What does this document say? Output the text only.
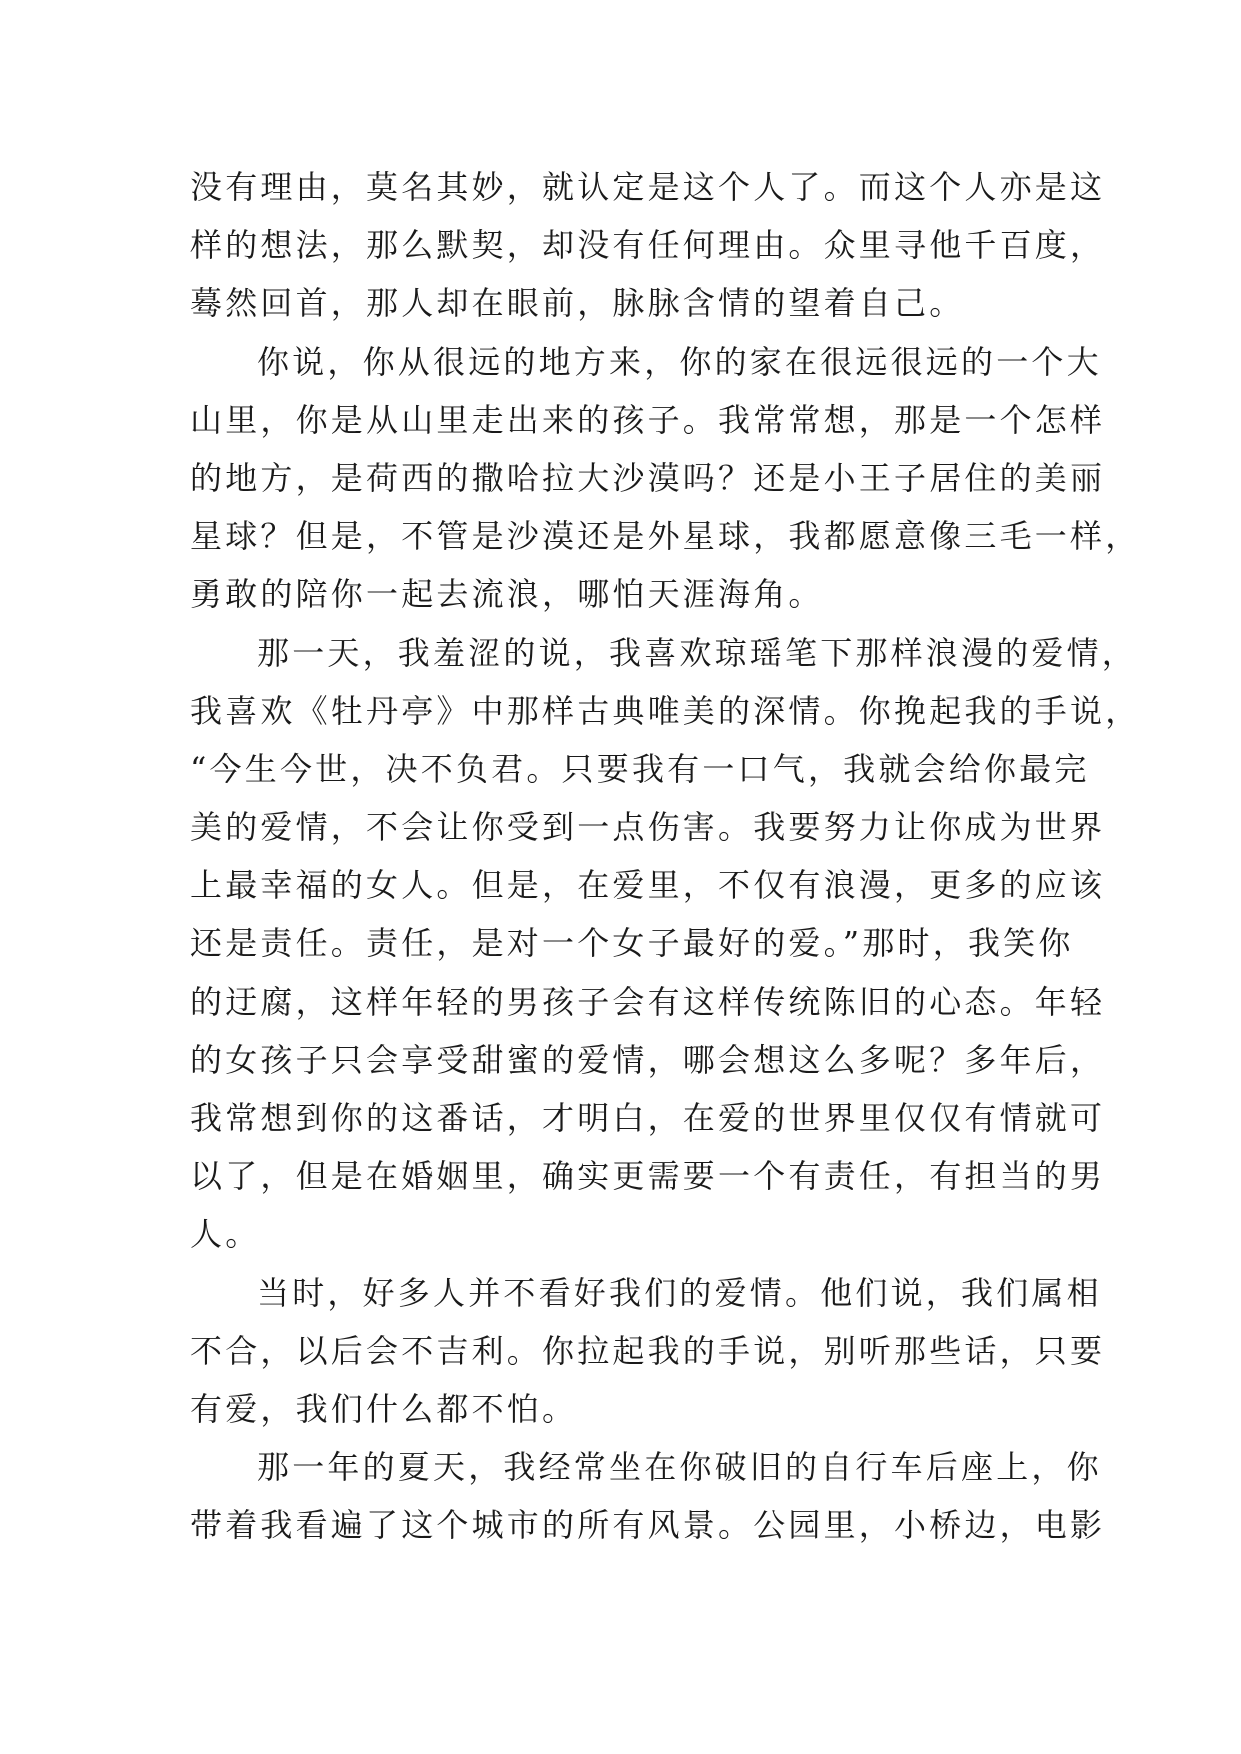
没有理由，莫名其妙，就认定是这个人了。而这个人亦是这
样的想法，那么默契，却没有任何理由。众里寻他千百度，
蓦然回首，那人却在眼前，脉脉含情的望着自己。
你说，你从很远的地方来，你的家在很远很远的一个大
山里，你是从山里走出来的孩子。我常常想，那是一个怎样
的地方，是荷西的撒哈拉大沙漠吗？还是小王子居住的美丽
星球？但是，不管是沙漠还是外星球，我都愿意像三毛一样，
勇敢的陪你一起去流浪，哪怕天涯海角。
那一天，我羞涩的说，我喜欢琼瑶笔下那样浪漫的爱情，
我喜欢《牡丹亭》中那样古典唯美的深情。你挽起我的手说，
“今生今世，决不负君。只要我有一口气，我就会给你最完
美的爱情，不会让你受到一点伤害。我要努力让你成为世界
上最幸福的女人。但是，在爱里，不仅有浪漫，更多的应该
还是责任。责任，是对一个女子最好的爱。”那时，我笑你
的迂腐，这样年轻的男孩子会有这样传统陈旧的心态。年轻
的女孩子只会享受甜蜜的爱情，哪会想这么多呢？多年后，
我常想到你的这番话，才明白，在爱的世界里仅仅有情就可
以了，但是在婚姻里，确实更需要一个有责任，有担当的男
人。
当时，好多人并不看好我们的爱情。他们说，我们属相
不合，以后会不吉利。你拉起我的手说，别听那些话，只要
有爱，我们什么都不怕。
那一年的夏天，我经常坐在你破旧的自行车后座上，你
带着我看遍了这个城市的所有风景。公园里，小桥边，电影
